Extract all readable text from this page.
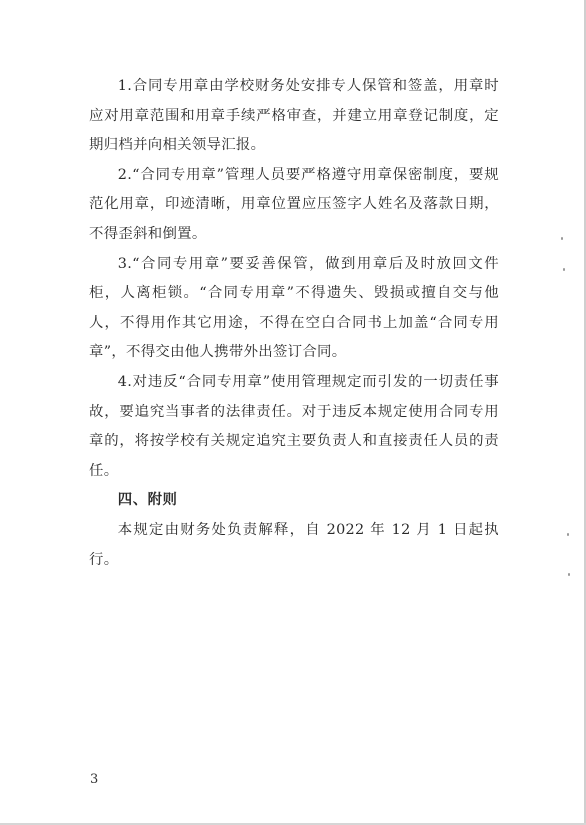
1.合同专用章由学校财务处安排专人保管和签盖，用章时应对用章范围和用章手续严格审查，并建立用章登记制度，定期归档并向相关领导汇报。

2.“合同专用章”管理人员要严格遵守用章保密制度，要规范化用章，印迹清晰，用章位置应压签字人姓名及落款日期，不得歪斜和倒置。

3.“合同专用章”要妥善保管，做到用章后及时放回文件柜，人离柜锁。“合同专用章”不得遗失、毁损或擅自交与他人，不得用作其它用途，不得在空白合同书上加盖“合同专用章”，不得交由他人携带外出签订合同。

4.对违反“合同专用章”使用管理规定而引发的一切责任事故，要追究当事者的法律责任。对于违反本规定使用合同专用章的，将按学校有关规定追究主要负责人和直接责任人员的责任。

四、附则

本规定由财务处负责解释，自 2022 年 12 月 1 日起执行。

3
